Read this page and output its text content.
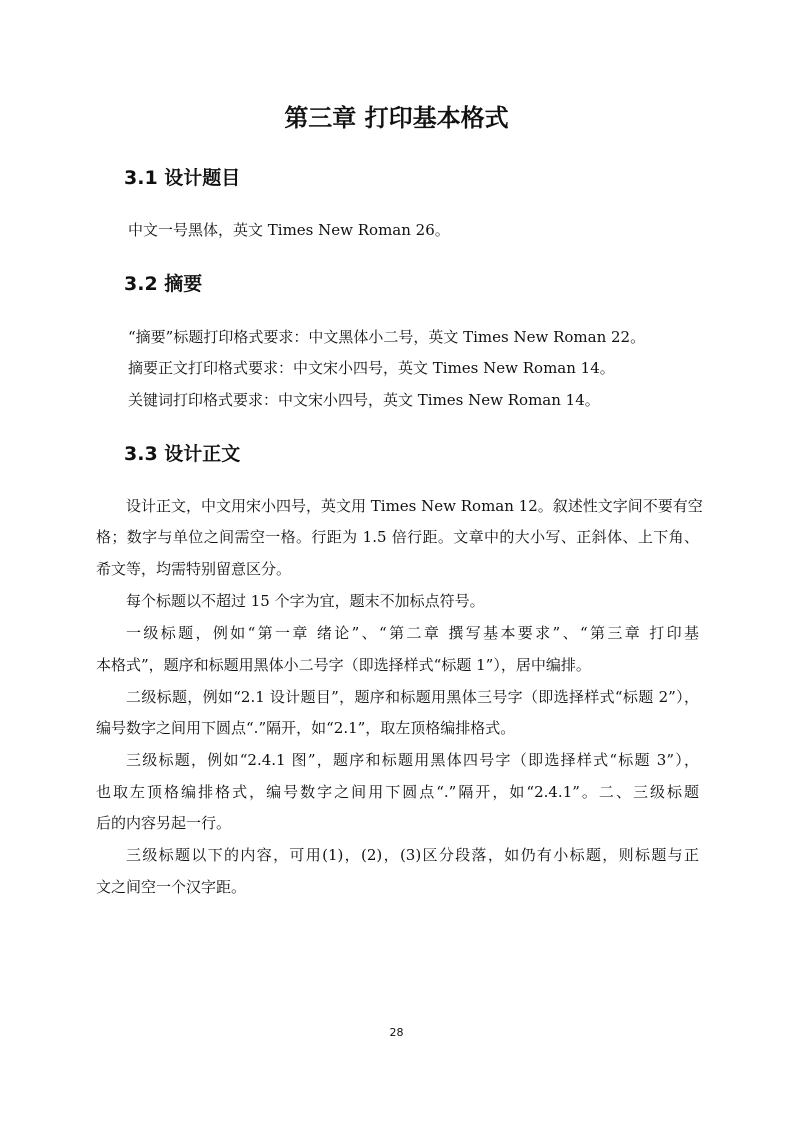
第三章 打印基本格式
3.1 设计题目

中文一号黑体，英文 Times New Roman 26。

3.2 摘要

“摘要”标题打印格式要求：中文黑体小二号，英文 Times New Roman 22。

摘要正文打印格式要求：中文宋小四号，英文 Times New Roman 14。

关键词打印格式要求：中文宋小四号，英文 Times New Roman 14。

3.3 设计正文

设计正文，中文用宋小四号，英文用 Times New Roman 12。叙述性文字间不要有空

格；数字与单位之间需空一格。行距为 1.5 倍行距。文章中的大小写、正斜体、上下角、

希文等，均需特别留意区分。

每个标题以不超过 15 个字为宜，题末不加标点符号。

一级标题，例如“第一章 绪论”、“第二章 撰写基本要求”、“第三章 打印基

本格式”，题序和标题用黑体小二号字（即选择样式“标题 1”），居中编排。

二级标题，例如“2.1 设计题目”，题序和标题用黑体三号字（即选择样式“标题 2”），

编号数字之间用下圆点“.”隔开，如“2.1”，取左顶格编排格式。

三级标题，例如“2.4.1 图”，题序和标题用黑体四号字（即选择样式“标题 3”），

也取左顶格编排格式，编号数字之间用下圆点“.”隔开，如“2.4.1”。二、三级标题

后的内容另起一行。

三级标题以下的内容，可用(1)，(2)，(3)区分段落，如仍有小标题，则标题与正

文之间空一个汉字距。

28
